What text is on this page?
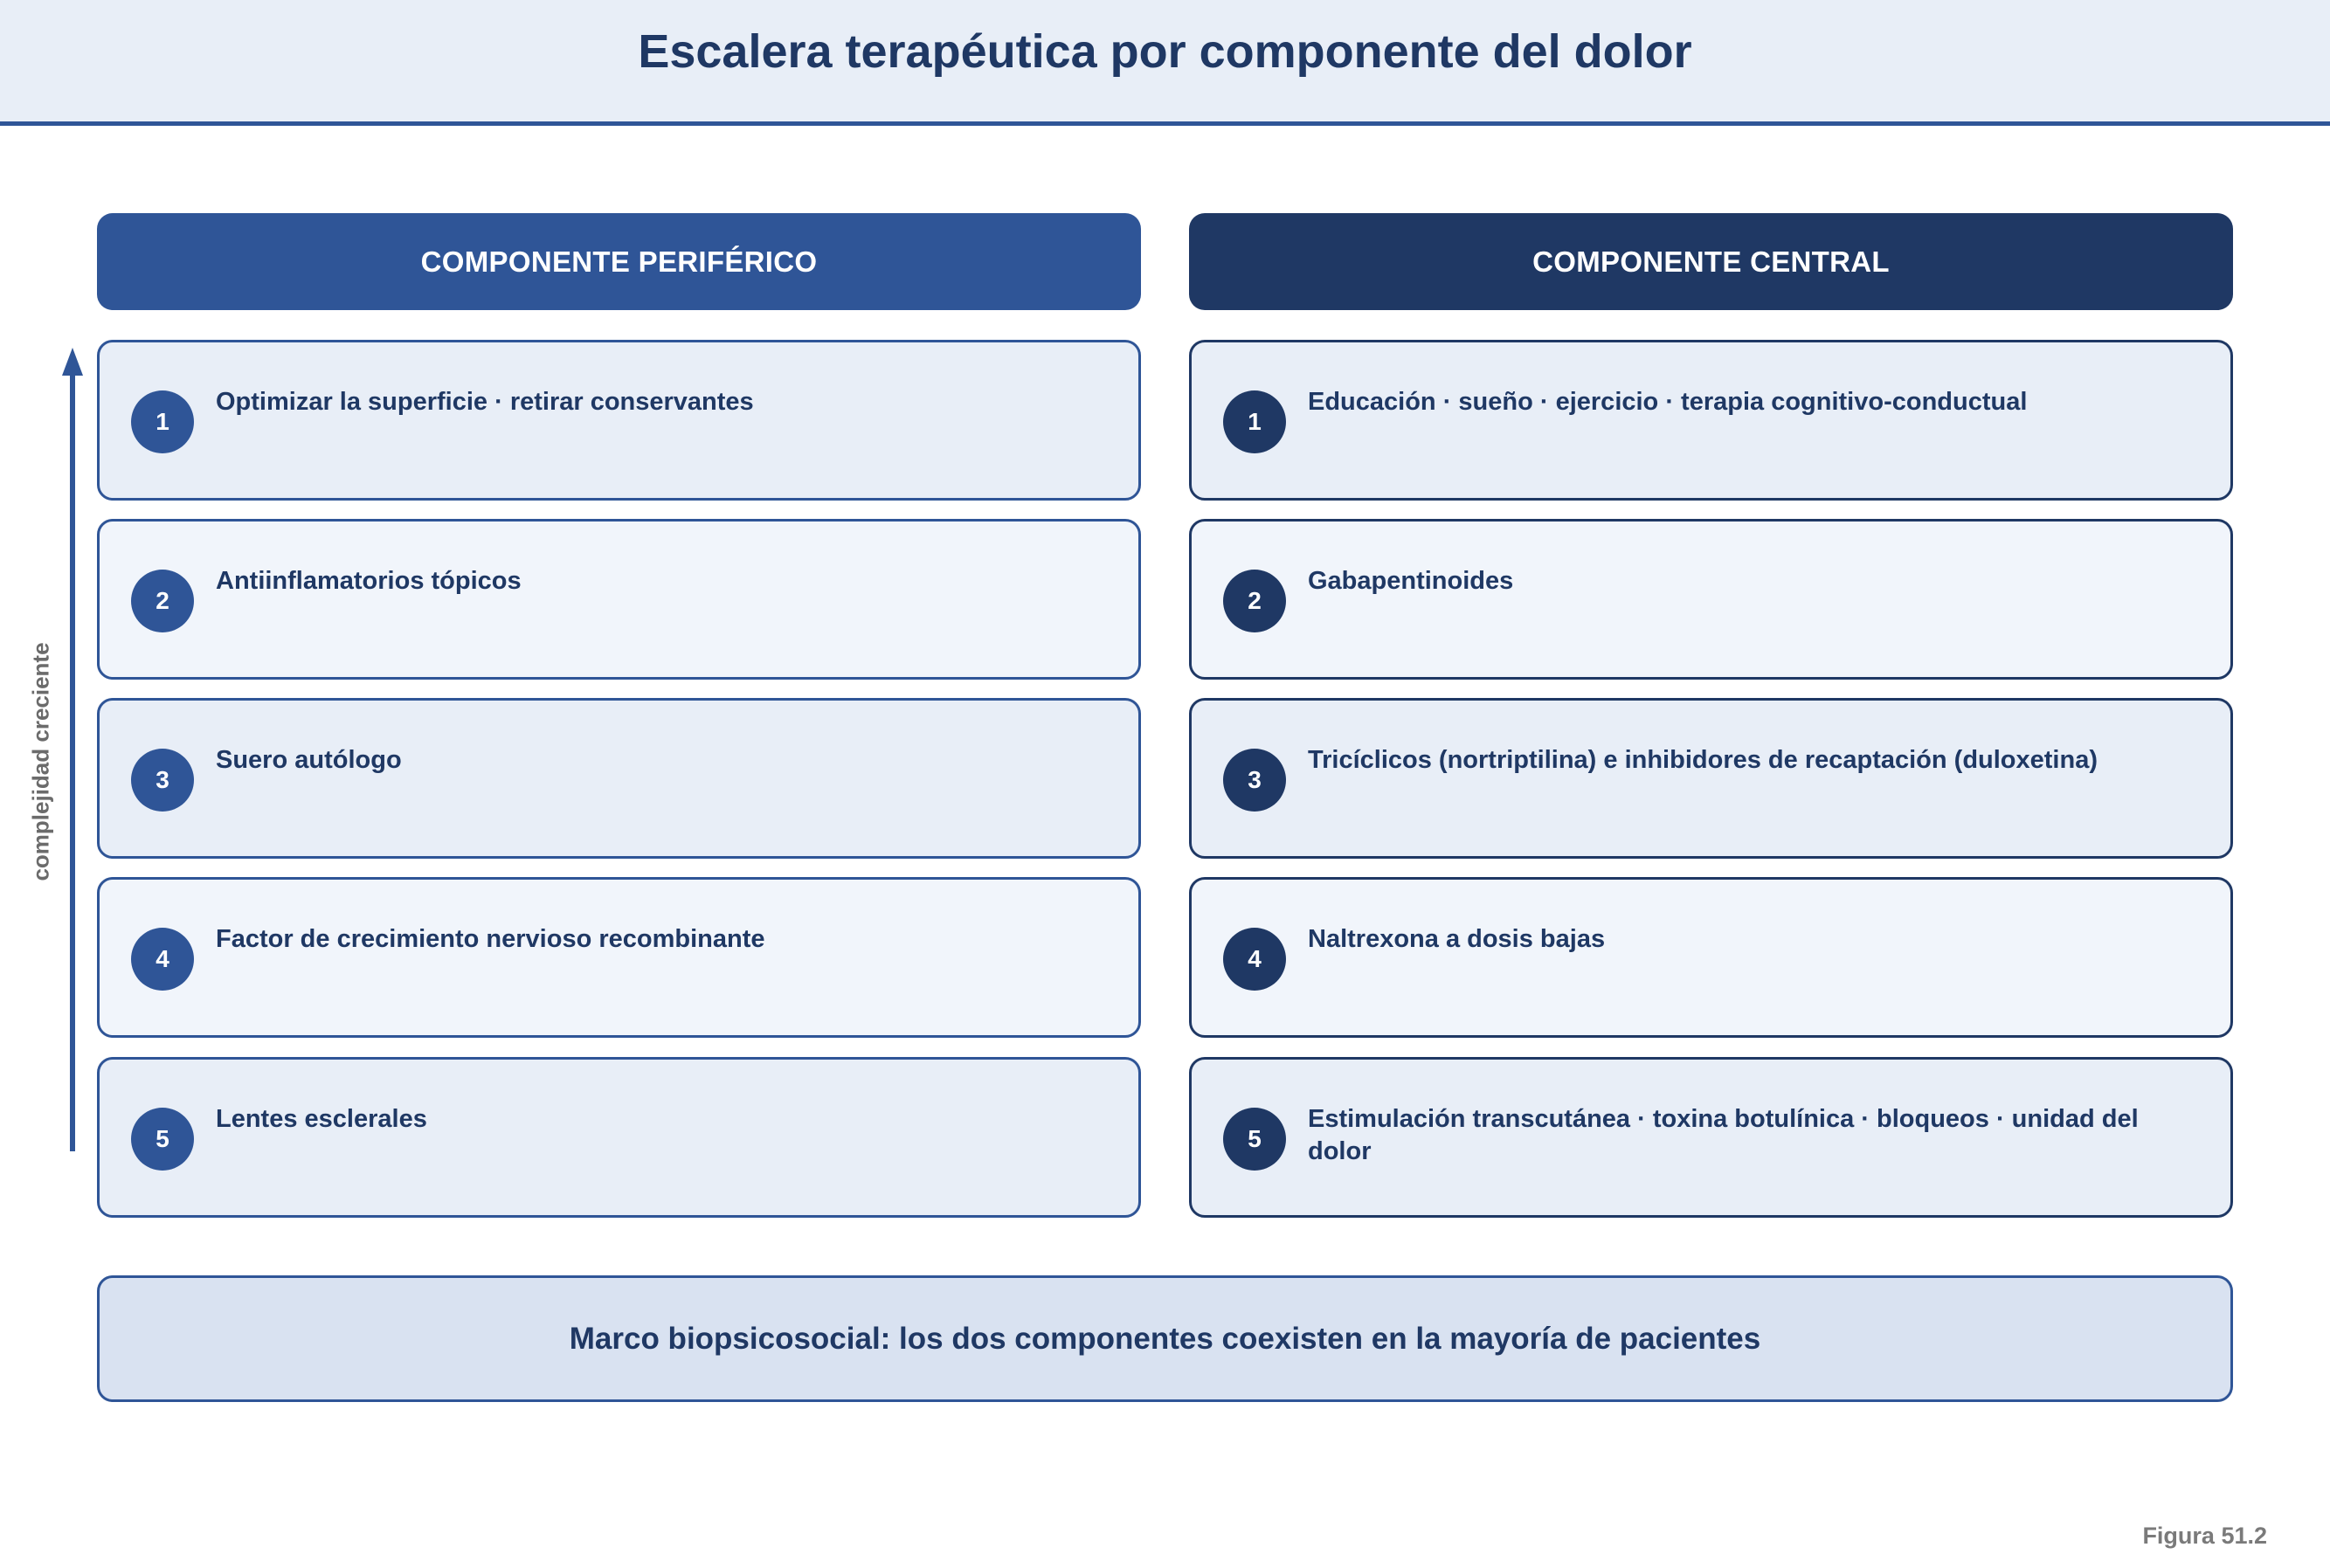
Escalera terapéutica por componente del dolor
COMPONENTE PERIFÉRICO	COMPONENTE CENTRAL
1
Optimizar la superficie · retirar conservantes
2
Antiinflamatorios tópicos
3
Suero autólogo
4
Factor de crecimiento nervioso recombinante
5
Lentes esclerales
1
Educación · sueño · ejercicio · terapia cognitivo-conductual
2
Gabapentinoides
3
Tricíclicos (nortriptilina) e inhibidores de recaptación (duloxetina)
4
Naltrexona a dosis bajas
5
Estimulación transcutánea · toxina botulínica · bloqueos · unidad del dolor
complejidad creciente
Marco biopsicosocial: los dos componentes coexisten en la mayoría de pacientes
Figura 51.2
